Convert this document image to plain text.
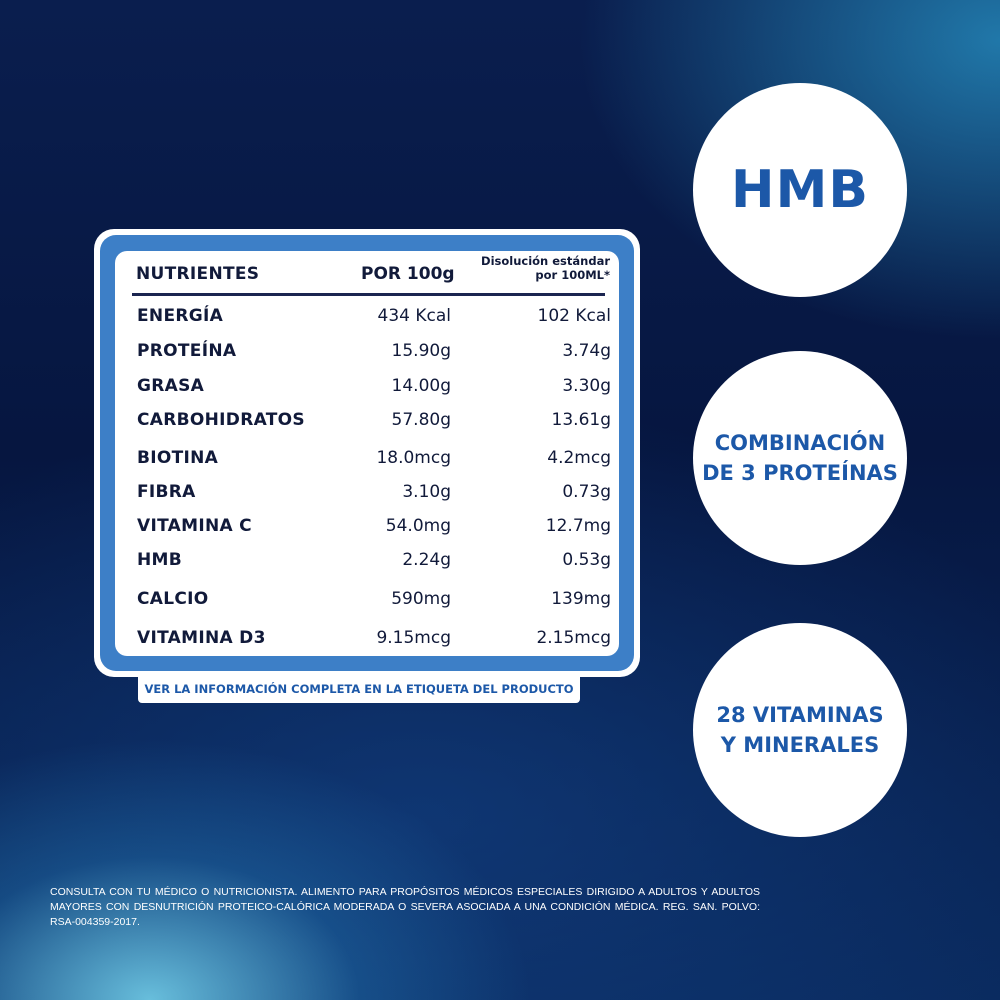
NUTRIENTES	POR 100g
Disolución estándar
por 100ML*
ENERGÍA	434 Kcal	102 Kcal
PROTEÍNA	15.90g	3.74g
GRASA	14.00g	3.30g
CARBOHIDRATOS	57.80g	13.61g
BIOTINA	18.0mcg	4.2mcg
FIBRA	3.10g	0.73g
VITAMINA C	54.0mg	12.7mg
HMB	2.24g	0.53g
CALCIO	590mg	139mg
VITAMINA D3	9.15mcg	2.15mcg
VER LA INFORMACIÓN COMPLETA EN LA ETIQUETA DEL PRODUCTO
HMB
COMBINACIÓN
DE 3 PROTEÍNAS
28 VITAMINAS
Y MINERALES
CONSULTA CON TU MÉDICO O NUTRICIONISTA. ALIMENTO PARA PROPÓSITOS MÉDICOS ESPECIALES DIRIGIDO A ADULTOS Y ADULTOS MAYORES CON DESNUTRICIÓN PROTEICO-CALÓRICA MODERADA O SEVERA ASOCIADA A UNA CONDICIÓN MÉDICA. REG. SAN. POLVO: RSA-004359-2017.
